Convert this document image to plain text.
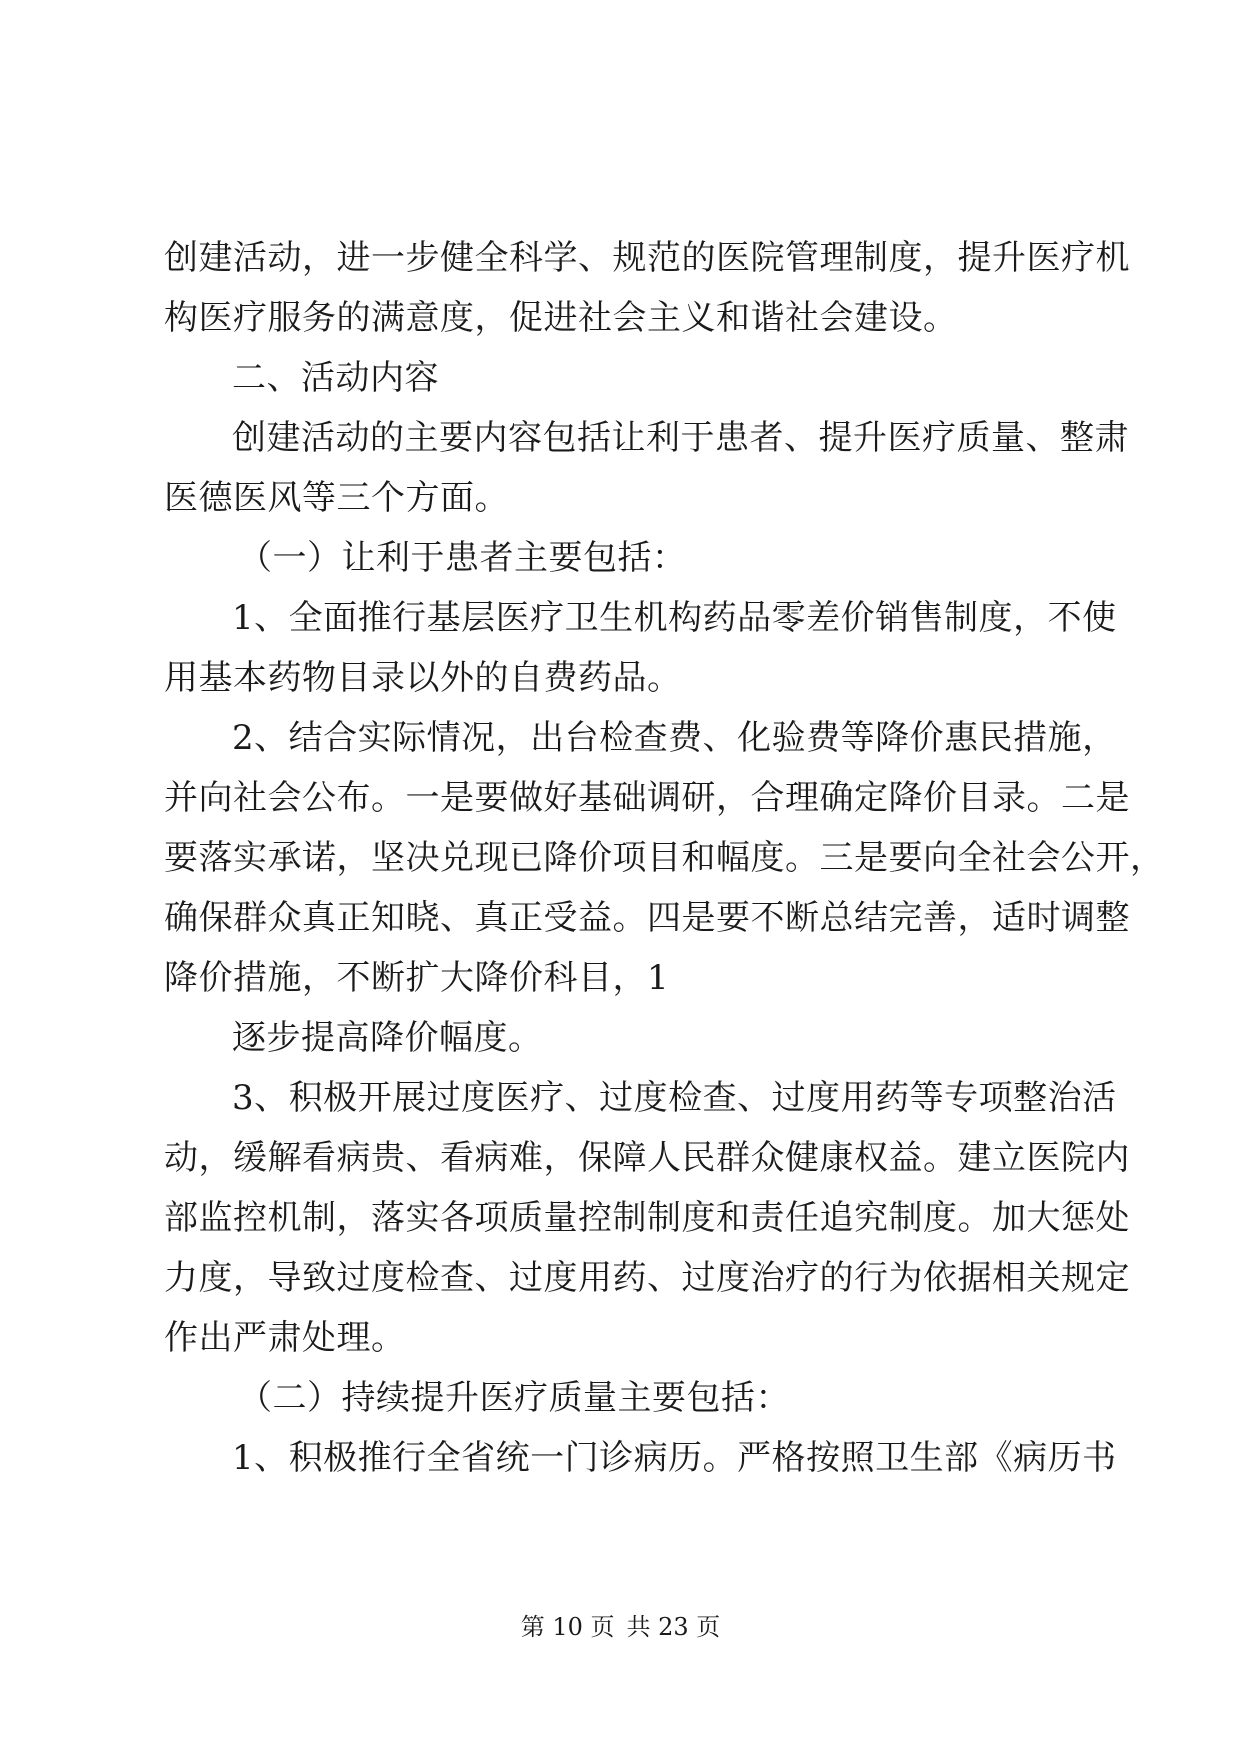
创建活动，进一步健全科学、规范的医院管理制度，提升医疗机
构医疗服务的满意度，促进社会主义和谐社会建设。
二、活动内容
创建活动的主要内容包括让利于患者、提升医疗质量、整肃
医德医风等三个方面。
（一）让利于患者主要包括：
1、全面推行基层医疗卫生机构药品零差价销售制度，不使
用基本药物目录以外的自费药品。
2、结合实际情况，出台检查费、化验费等降价惠民措施，
并向社会公布。一是要做好基础调研，合理确定降价目录。二是
要落实承诺，坚决兑现已降价项目和幅度。三是要向全社会公开，
确保群众真正知晓、真正受益。四是要不断总结完善，适时调整
降价措施，不断扩大降价科目，1
逐步提高降价幅度。
3、积极开展过度医疗、过度检查、过度用药等专项整治活
动，缓解看病贵、看病难，保障人民群众健康权益。建立医院内
部监控机制，落实各项质量控制制度和责任追究制度。加大惩处
力度，导致过度检查、过度用药、过度治疗的行为依据相关规定
作出严肃处理。
（二）持续提升医疗质量主要包括：
1、积极推行全省统一门诊病历。严格按照卫生部《病历书
第 10 页 共 23 页
